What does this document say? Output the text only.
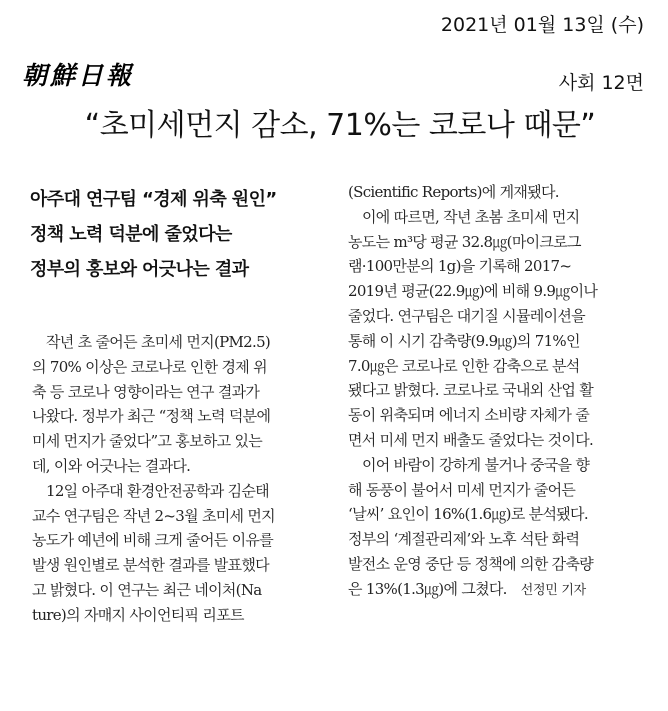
2021년 01월 13일 (수)
朝鮮日報	사회 12면
“초미세먼지 감소, 71%는 코로나 때문”
아주대 연구팀 “경제 위축 원인”
정책 노력 덕분에 줄었다는
정부의 홍보와 어긋나는 결과
작년 초 줄어든 초미세 먼지(PM2.5)
의 70% 이상은 코로나로 인한 경제 위
축 등 코로나 영향이라는 연구 결과가
나왔다. 정부가 최근 “정책 노력 덕분에
미세 먼지가 줄었다”고 홍보하고 있는
데, 이와 어긋나는 결과다.
12일 아주대 환경안전공학과 김순태
교수 연구팀은 작년 2~3월 초미세 먼지
농도가 예년에 비해 크게 줄어든 이유를
발생 원인별로 분석한 결과를 발표했다
고 밝혔다. 이 연구는 최근 네이처(Na
ture)의 자매지 사이언티픽 리포트
(Scientific Reports)에 게재됐다.
이에 따르면, 작년 초봄 초미세 먼지
농도는 m³당 평균 32.8㎍(마이크로그
램·100만분의 1g)을 기록해 2017~
2019년 평균(22.9㎍)에 비해 9.9㎍이나
줄었다. 연구팀은 대기질 시뮬레이션을
통해 이 시기 감축량(9.9㎍)의 71%인
7.0㎍은 코로나로 인한 감축으로 분석
됐다고 밝혔다. 코로나로 국내외 산업 활
동이 위축되며 에너지 소비량 자체가 줄
면서 미세 먼지 배출도 줄었다는 것이다.
이어 바람이 강하게 불거나 중국을 향
해 동풍이 불어서 미세 먼지가 줄어든
‘날씨’ 요인이 16%(1.6㎍)로 분석됐다.
정부의 ‘계절관리제’와 노후 석탄 화력
발전소 운영 중단 등 정책에 의한 감축량
은 13%(1.3㎍)에 그쳤다. 선정민 기자
